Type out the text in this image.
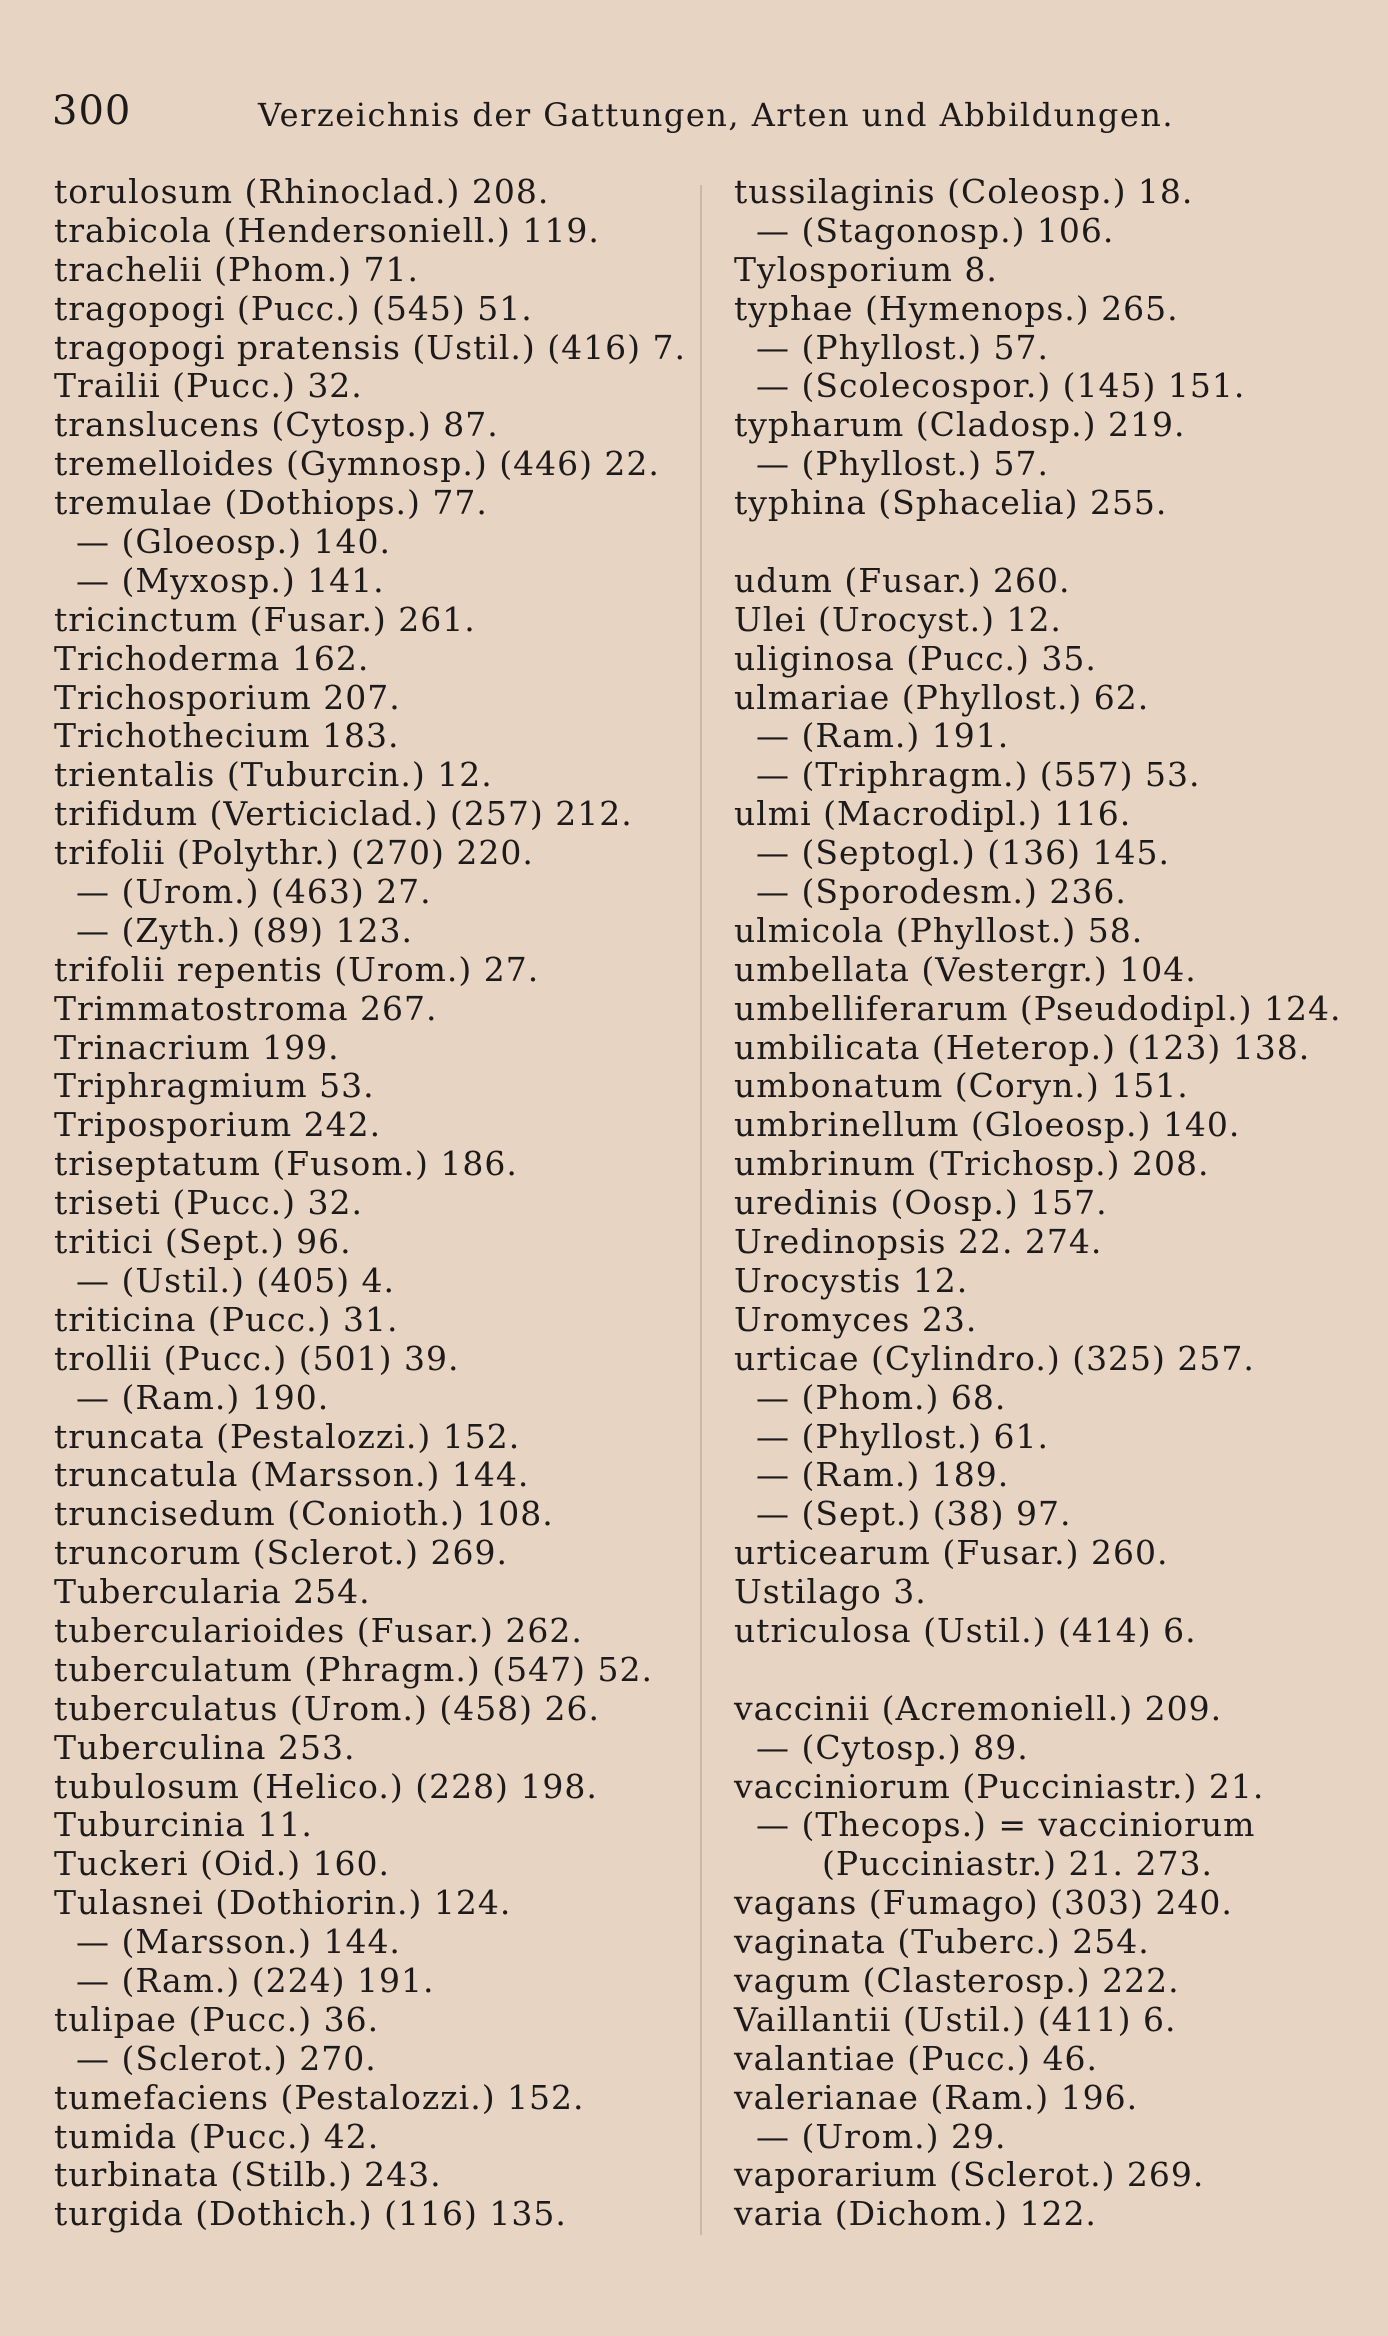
300	Verzeichnis der Gattungen, Arten und Abbildungen.
torulosum (Rhinoclad.) 208.
trabicola (Hendersoniell.) 119.
trachelii (Phom.) 71.
tragopogi (Pucc.) (545) 51.
tragopogi pratensis (Ustil.) (416) 7.
Trailii (Pucc.) 32.
translucens (Cytosp.) 87.
tremelloides (Gymnosp.) (446) 22.
tremulae (Dothiops.) 77.
— (Gloeosp.) 140.
— (Myxosp.) 141.
tricinctum (Fusar.) 261.
Trichoderma 162.
Trichosporium 207.
Trichothecium 183.
trientalis (Tuburcin.) 12.
trifidum (Verticiclad.) (257) 212.
trifolii (Polythr.) (270) 220.
— (Urom.) (463) 27.
— (Zyth.) (89) 123.
trifolii repentis (Urom.) 27.
Trimmatostroma 267.
Trinacrium 199.
Triphragmium 53.
Triposporium 242.
triseptatum (Fusom.) 186.
triseti (Pucc.) 32.
tritici (Sept.) 96.
— (Ustil.) (405) 4.
triticina (Pucc.) 31.
trollii (Pucc.) (501) 39.
— (Ram.) 190.
truncata (Pestalozzi.) 152.
truncatula (Marsson.) 144.
truncisedum (Conioth.) 108.
truncorum (Sclerot.) 269.
Tubercularia 254.
tubercularioides (Fusar.) 262.
tuberculatum (Phragm.) (547) 52.
tuberculatus (Urom.) (458) 26.
Tuberculina 253.
tubulosum (Helico.) (228) 198.
Tuburcinia 11.
Tuckeri (Oid.) 160.
Tulasnei (Dothiorin.) 124.
— (Marsson.) 144.
— (Ram.) (224) 191.
tulipae (Pucc.) 36.
— (Sclerot.) 270.
tumefaciens (Pestalozzi.) 152.
tumida (Pucc.) 42.
turbinata (Stilb.) 243.
turgida (Dothich.) (116) 135.
tussilaginis (Coleosp.) 18.
— (Stagonosp.) 106.
Tylosporium 8.
typhae (Hymenops.) 265.
— (Phyllost.) 57.
— (Scolecospor.) (145) 151.
typharum (Cladosp.) 219.
— (Phyllost.) 57.
typhina (Sphacelia) 255.
udum (Fusar.) 260.
Ulei (Urocyst.) 12.
uliginosa (Pucc.) 35.
ulmariae (Phyllost.) 62.
— (Ram.) 191.
— (Triphragm.) (557) 53.
ulmi (Macrodipl.) 116.
— (Septogl.) (136) 145.
— (Sporodesm.) 236.
ulmicola (Phyllost.) 58.
umbellata (Vestergr.) 104.
umbelliferarum (Pseudodipl.) 124.
umbilicata (Heterop.) (123) 138.
umbonatum (Coryn.) 151.
umbrinellum (Gloeosp.) 140.
umbrinum (Trichosp.) 208.
uredinis (Oosp.) 157.
Uredinopsis 22. 274.
Urocystis 12.
Uromyces 23.
urticae (Cylindro.) (325) 257.
— (Phom.) 68.
— (Phyllost.) 61.
— (Ram.) 189.
— (Sept.) (38) 97.
urticearum (Fusar.) 260.
Ustilago 3.
utriculosa (Ustil.) (414) 6.
vaccinii (Acremoniell.) 209.
— (Cytosp.) 89.
vacciniorum (Pucciniastr.) 21.
— (Thecops.) = vacciniorum
(Pucciniastr.) 21. 273.
vagans (Fumago) (303) 240.
vaginata (Tuberc.) 254.
vagum (Clasterosp.) 222.
Vaillantii (Ustil.) (411) 6.
valantiae (Pucc.) 46.
valerianae (Ram.) 196.
— (Urom.) 29.
vaporarium (Sclerot.) 269.
varia (Dichom.) 122.
